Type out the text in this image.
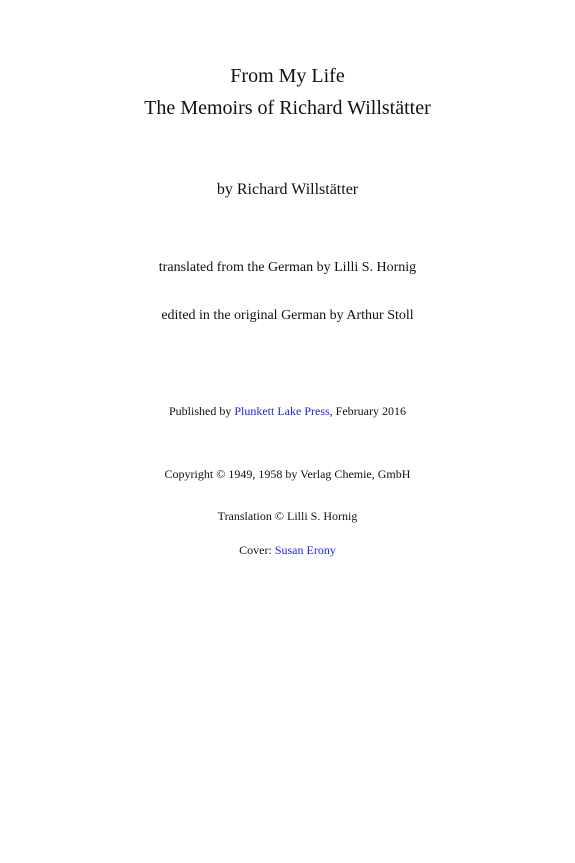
From My Life
The Memoirs of Richard Willstätter
by Richard Willstätter
translated from the German by Lilli S. Hornig
edited in the original German by Arthur Stoll
Published by Plunkett Lake Press, February 2016
Copyright © 1949, 1958 by Verlag Chemie, GmbH
Translation © Lilli S. Hornig
Cover: Susan Erony
